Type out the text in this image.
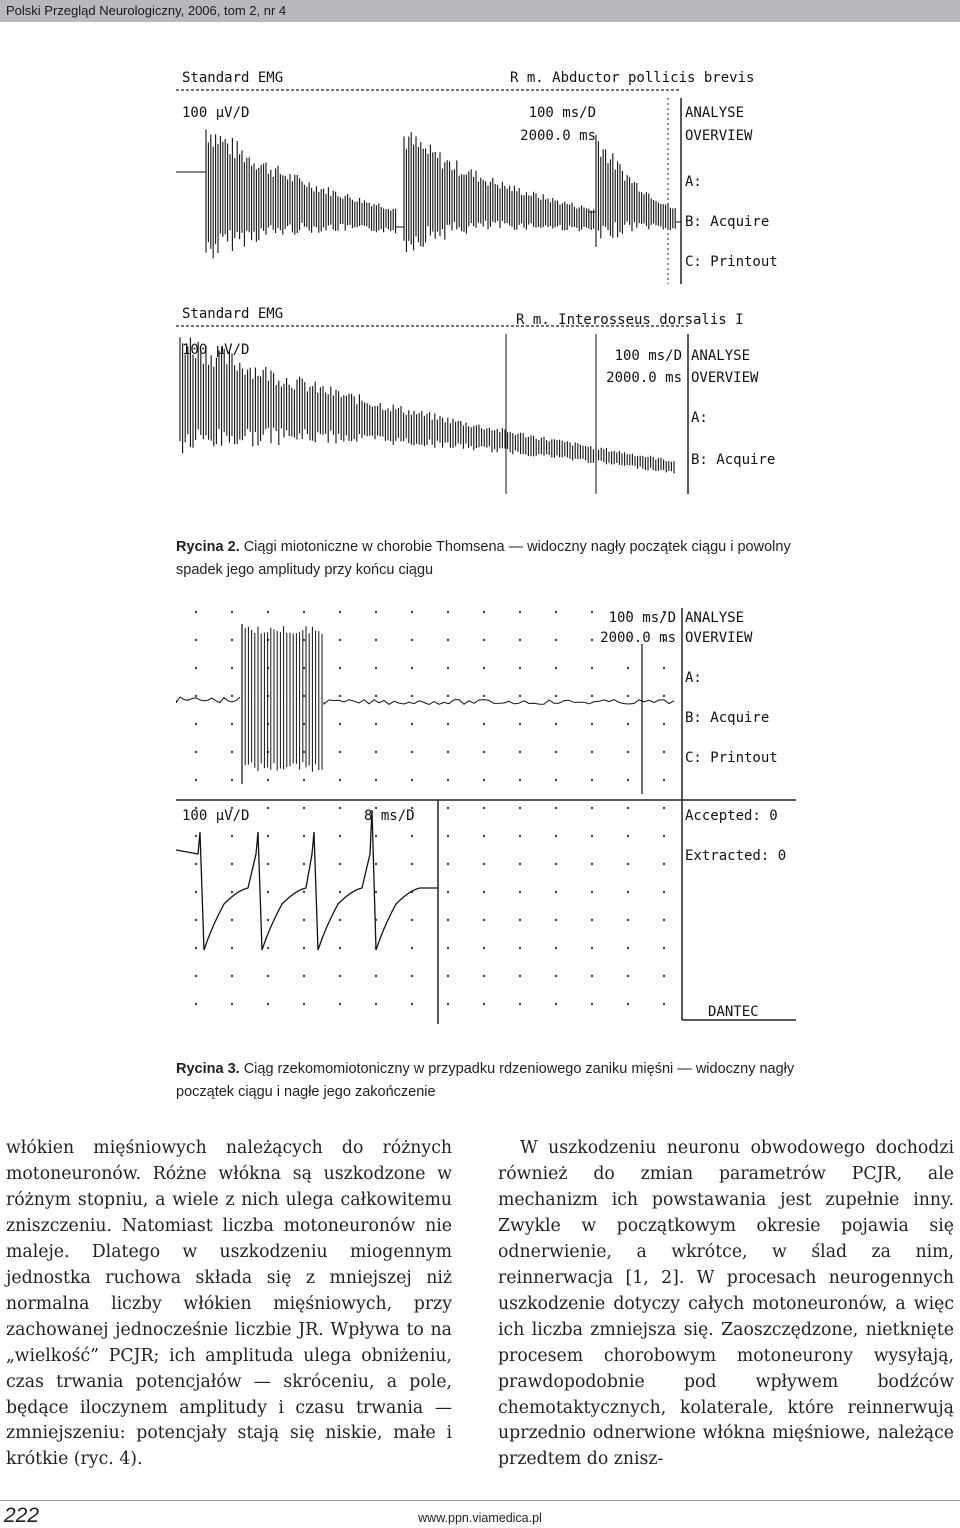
Polski Przegląd Neurologiczny, 2006, tom 2, nr 4
Standard EMG	R m. Abductor pollicis brevis
100 µV/D	100 ms/D
2000.0 ms
ANALYSE
OVERVIEW
A:
B: Acquire
C: Printout
Standard EMG	R m. Interosseus dorsalis I
100 µV/D	100 ms/D
2000.0 ms
ANALYSE
OVERVIEW
A:
B: Acquire
Rycina 2. Ciągi miotoniczne w chorobie Thomsena — widoczny nagły początek ciągu i powolny spadek jego amplitudy przy końcu ciągu
100 ms/D
2000.0 ms
ANALYSE
OVERVIEW
A:
B: Acquire
C: Printout
100 µV/D	8 ms/D	Accepted: 0
Extracted: 0
DANTEC
Rycina 3. Ciąg rzekomomiotoniczny w przypadku rdzeniowego zaniku mięśni — widoczny nagły początek ciągu i nagłe jego zakończenie

włókien mięśniowych należących do różnych motoneuronów. Różne włókna są uszkodzone w różnym stopniu, a wiele z nich ulega całkowitemu zniszczeniu. Natomiast liczba motoneuronów nie maleje. Dlatego w uszkodzeniu miogennym jednostka ruchowa składa się z mniejszej niż normalna liczby włókien mięśniowych, przy zachowanej jednocześnie liczbie JR. Wpływa to na „wielkość” PCJR; ich amplituda ulega obniżeniu, czas trwania potencjałów — skróceniu, a pole, będące iloczynem amplitudy i czasu trwania — zmniejszeniu: potencjały stają się niskie, małe i krótkie (ryc. 4).

W uszkodzeniu neuronu obwodowego dochodzi również do zmian parametrów PCJR, ale mechanizm ich powstawania jest zupełnie inny. Zwykle w początkowym okresie pojawia się odnerwienie, a wkrótce, w ślad za nim, reinnerwacja [1, 2]. W procesach neurogennych uszkodzenie dotyczy całych motoneuronów, a więc ich liczba zmniejsza się. Zaoszczędzone, nietknięte procesem chorobowym motoneurony wysyłają, prawdopodobnie pod wpływem bodźców chemotaktycznych, kolaterale, które reinnerwują uprzednio odnerwione włókna mięśniowe, należące przedtem do znisz-

222	www.ppn.viamedica.pl
